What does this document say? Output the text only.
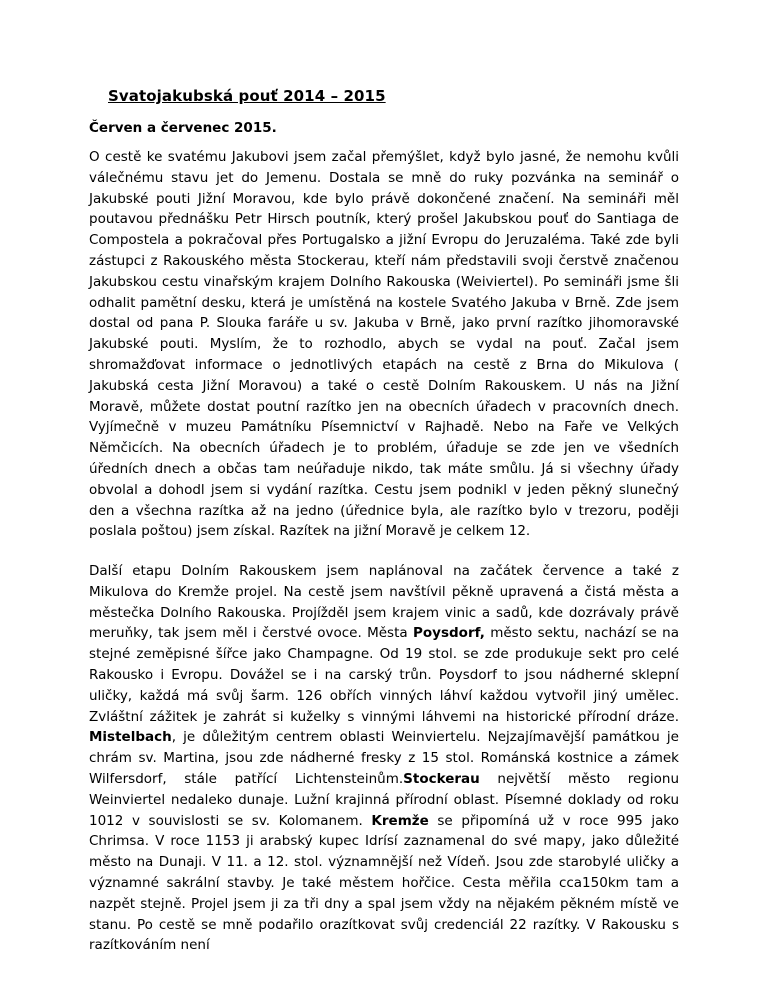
Svatojakubská pouť 2014 – 2015
Červen a červenec 2015.

O cestě ke svatému Jakubovi jsem začal přemýšlet, když bylo jasné, že nemohu kvůli válečnému stavu jet do Jemenu. Dostala se mně do ruky pozvánka na seminář o Jakubské pouti Jižní Moravou, kde bylo právě dokončené značení. Na semináři měl poutavou přednášku Petr Hirsch poutník, který prošel Jakubskou pouť do Santiaga de Compostela a pokračoval přes Portugalsko a jižní Evropu do Jeruzaléma. Také zde byli zástupci z Rakouského města Stockerau, kteří nám představili svoji čerstvě značenou Jakubskou cestu vinařským krajem Dolního Rakouska (Weiviertel). Po semináři jsme šli odhalit pamětní desku, která je umístěná na kostele Svatého Jakuba v Brně. Zde jsem dostal od pana P. Slouka faráře u sv. Jakuba v Brně, jako první razítko jihomoravské Jakubské pouti. Myslím, že to rozhodlo, abych se vydal na pouť. Začal jsem shromažďovat informace o jednotlivých etapách na cestě z Brna do Mikulova ( Jakubská cesta Jižní Moravou) a také o cestě Dolním Rakouskem. U nás na Jižní Moravě, můžete dostat poutní razítko jen na obecních úřadech v pracovních dnech. Vyjímečně v muzeu Památníku Písemnictví v Rajhadě. Nebo na Faře ve Velkých Němčicích. Na obecních úřadech je to problém, úřaduje se zde jen ve všedních úředních dnech a občas tam neúřaduje nikdo, tak máte smůlu. Já si všechny úřady obvolal a dohodl jsem si vydání razítka. Cestu jsem podnikl v jeden pěkný slunečný den a všechna razítka až na jedno (úřednice byla, ale razítko bylo v trezoru, poději poslala poštou) jsem získal. Razítek na jižní Moravě je celkem 12.

Další etapu Dolním Rakouskem jsem naplánoval na začátek července a také z Mikulova do Kremže projel. Na cestě jsem navštívil pěkně upravená a čistá města a městečka Dolního Rakouska. Projížděl jsem krajem vinic a sadů, kde dozrávaly právě meruňky, tak jsem měl i čerstvé ovoce. Města Poysdorf, město sektu, nachází se na stejné zeměpisné šířce jako Champagne. Od 19 stol. se zde produkuje sekt pro celé Rakousko i Evropu. Dovážel se i na carský trůn. Poysdorf to jsou nádherné sklepní uličky, každá má svůj šarm. 126 obřích vinných láhví každou vytvořil jiný umělec. Zvláštní zážitek je zahrát si kuželky s vinnými láhvemi na historické přírodní dráze. Mistelbach, je důležitým centrem oblasti Weinviertelu. Nejzajímavější památkou je chrám sv. Martina, jsou zde nádherné fresky z 15 stol. Románská kostnice a zámek Wilfersdorf, stále patřící Lichtensteinům.Stockerau největší město regionu Weinviertel nedaleko dunaje. Lužní krajinná přírodní oblast. Písemné doklady od roku 1012 v souvislosti se sv. Kolomanem. Kremže se připomíná už v roce 995 jako Chrimsa. V roce 1153 ji arabský kupec Idrísí zaznamenal do své mapy, jako důležité město na Dunaji. V 11. a 12. stol. významnější než Vídeň. Jsou zde starobylé uličky a významné sakrální stavby. Je také městem hořčice. Cesta měřila cca150km tam a nazpět stejně. Projel jsem ji za tři dny a spal jsem vždy na nějakém pěkném místě ve stanu. Po cestě se mně podařilo orazítkovat svůj credenciál 22 razítky. V Rakousku s razítkováním není
